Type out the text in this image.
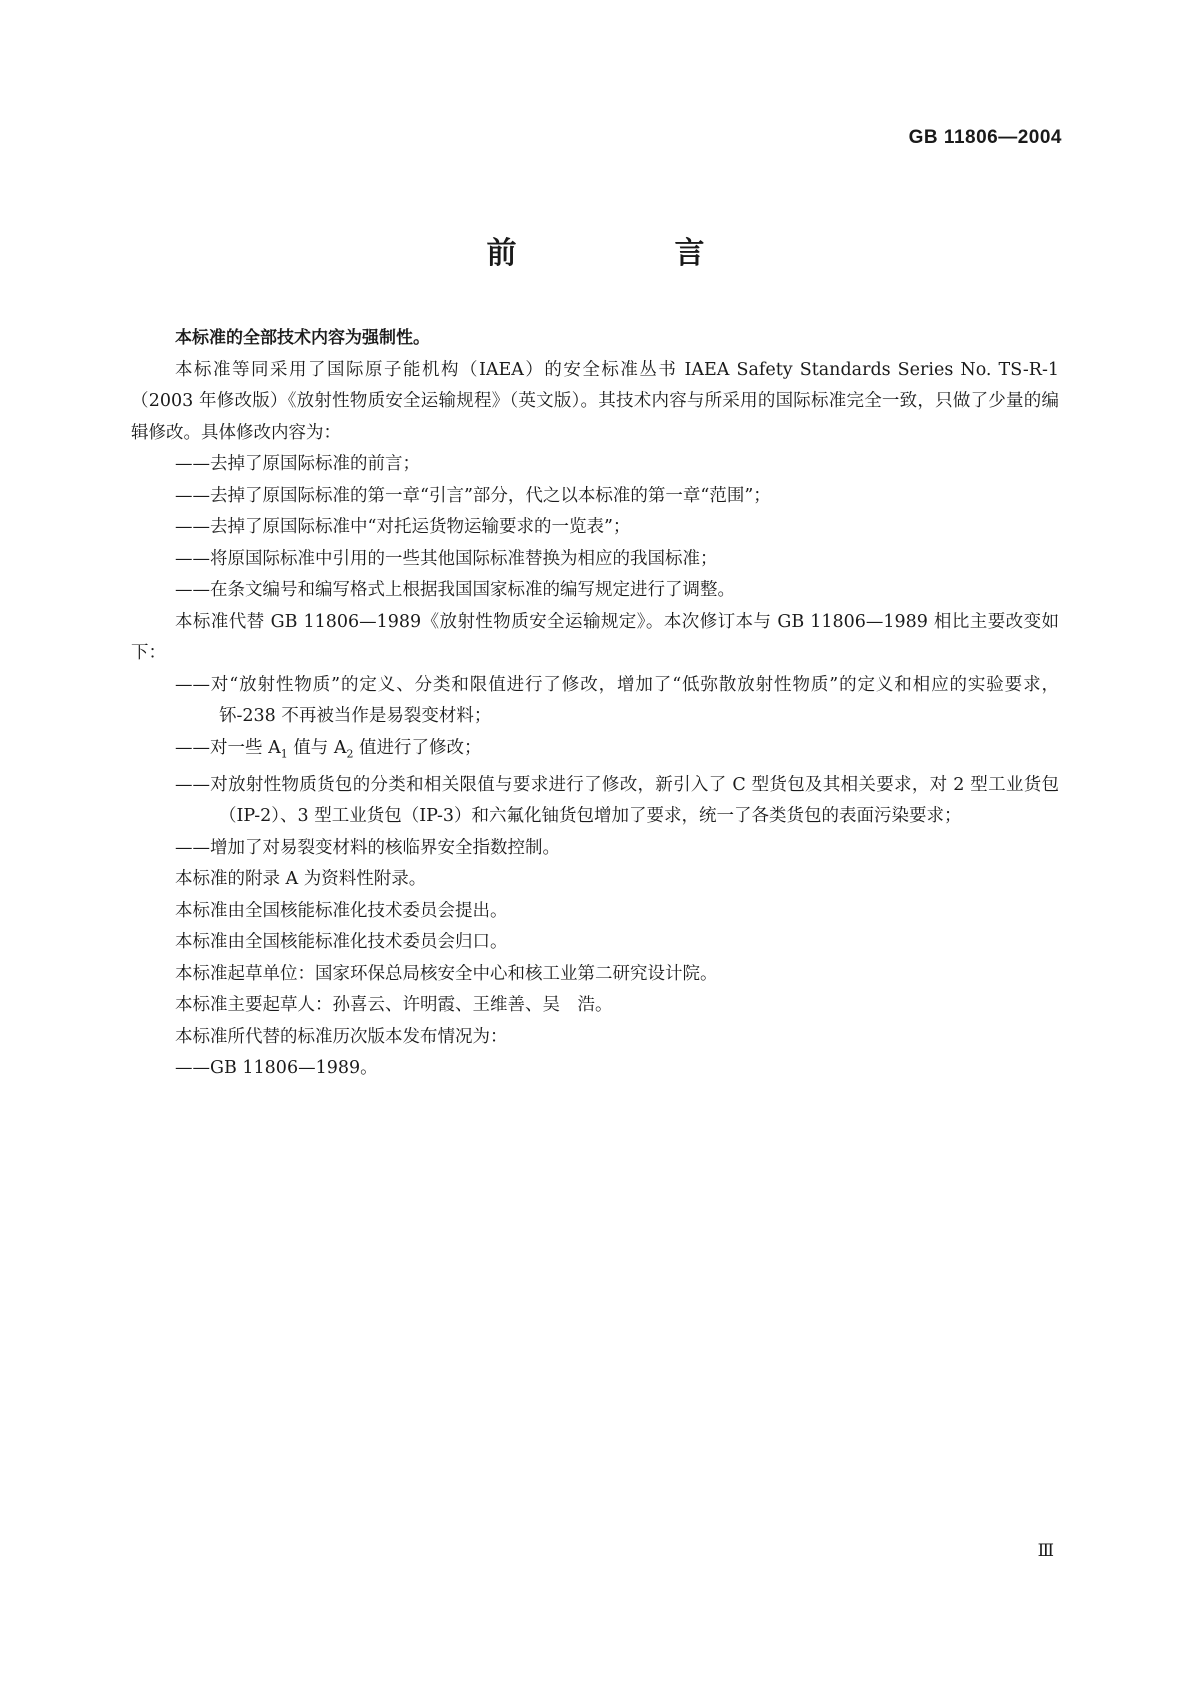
GB 11806—2004
前　言

本标准的全部技术内容为强制性。

本标准等同采用了国际原子能机构（IAEA）的安全标准丛书 IAEA Safety Standards Series No. TS-R-1（2003 年修改版）《放射性物质安全运输规程》（英文版）。其技术内容与所采用的国际标准完全一致，只做了少量的编辑修改。具体修改内容为：

——去掉了原国际标准的前言；

——去掉了原国际标准的第一章“引言”部分，代之以本标准的第一章“范围”；

——去掉了原国际标准中“对托运货物运输要求的一览表”；

——将原国际标准中引用的一些其他国际标准替换为相应的我国标准；

——在条文编号和编写格式上根据我国国家标准的编写规定进行了调整。

本标准代替 GB 11806—1989《放射性物质安全运输规定》。本次修订本与 GB 11806—1989 相比主要改变如下：

——对“放射性物质”的定义、分类和限值进行了修改，增加了“低弥散放射性物质”的定义和相应的实验要求，钚-238 不再被当作是易裂变材料；

——对一些 $A_1$ 值与 $A_2$ 值进行了修改；

——对放射性物质货包的分类和相关限值与要求进行了修改，新引入了 C 型货包及其相关要求，对 2 型工业货包（IP-2）、3 型工业货包（IP-3）和六氟化铀货包增加了要求，统一了各类货包的表面污染要求；

——增加了对易裂变材料的核临界安全指数控制。

本标准的附录 A 为资料性附录。

本标准由全国核能标准化技术委员会提出。

本标准由全国核能标准化技术委员会归口。

本标准起草单位：国家环保总局核安全中心和核工业第二研究设计院。

本标准主要起草人：孙喜云、许明霞、王维善、吴　浩。

本标准所代替的标准历次版本发布情况为：

——GB 11806—1989。

Ⅲ
